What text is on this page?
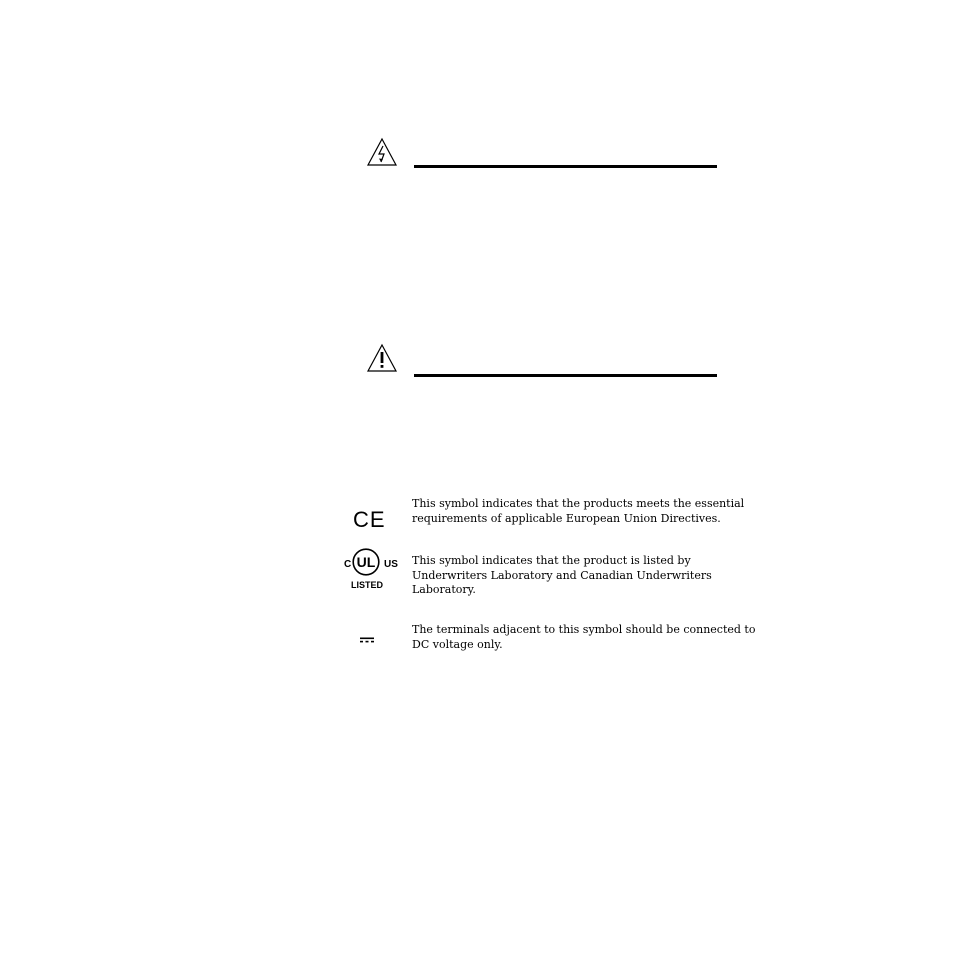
CE
This symbol indicates that the products meets the essential
requirements of applicable European Union Directives.
C UL US
LISTED
This symbol indicates that the product is listed by
Underwriters Laboratory and Canadian Underwriters
Laboratory.
The terminals adjacent to this symbol should be connected to
DC voltage only.
